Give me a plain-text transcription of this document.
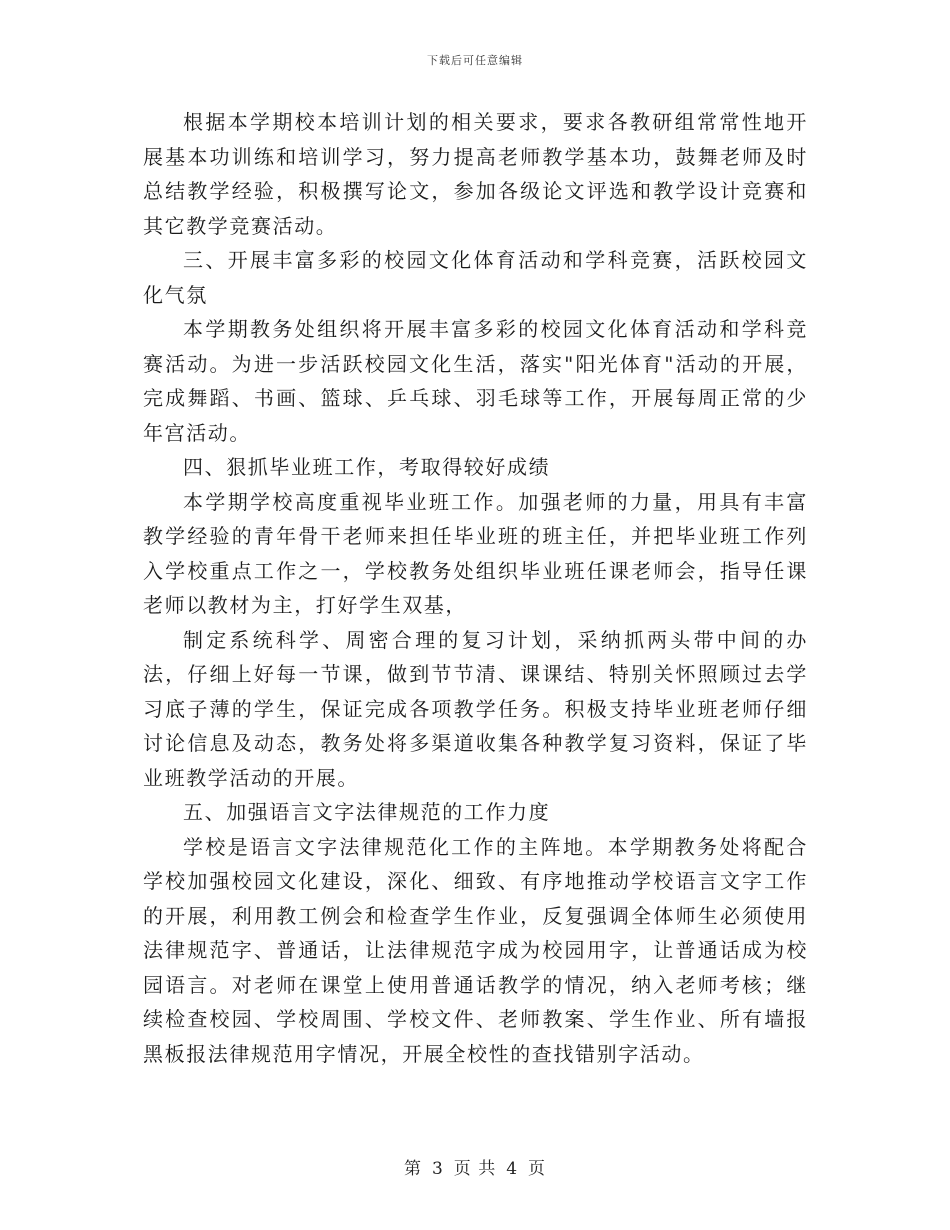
下载后可任意编辑

根据本学期校本培训计划的相关要求，要求各教研组常常性地开展基本功训练和培训学习，努力提高老师教学基本功，鼓舞老师及时总结教学经验，积极撰写论文，参加各级论文评选和教学设计竞赛和其它教学竞赛活动。

三、开展丰富多彩的校园文化体育活动和学科竞赛，活跃校园文化气氛

本学期教务处组织将开展丰富多彩的校园文化体育活动和学科竞赛活动。为进一步活跃校园文化生活，落实"阳光体育"活动的开展，完成舞蹈、书画、篮球、乒乓球、羽毛球等工作，开展每周正常的少年宫活动。

四、狠抓毕业班工作，考取得较好成绩

本学期学校高度重视毕业班工作。加强老师的力量，用具有丰富教学经验的青年骨干老师来担任毕业班的班主任，并把毕业班工作列入学校重点工作之一，学校教务处组织毕业班任课老师会，指导任课老师以教材为主，打好学生双基，

制定系统科学、周密合理的复习计划，采纳抓两头带中间的办法，仔细上好每一节课，做到节节清、课课结、特别关怀照顾过去学习底子薄的学生，保证完成各项教学任务。积极支持毕业班老师仔细讨论信息及动态，教务处将多渠道收集各种教学复习资料，保证了毕业班教学活动的开展。

五、加强语言文字法律规范的工作力度

学校是语言文字法律规范化工作的主阵地。本学期教务处将配合学校加强校园文化建设，深化、细致、有序地推动学校语言文字工作的开展，利用教工例会和检查学生作业，反复强调全体师生必须使用法律规范字、普通话，让法律规范字成为校园用字，让普通话成为校园语言。对老师在课堂上使用普通话教学的情况，纳入老师考核；继续检查校园、学校周围、学校文件、老师教案、学生作业、所有墙报黑板报法律规范用字情况，开展全校性的查找错别字活动。

第 3 页 共 4 页
